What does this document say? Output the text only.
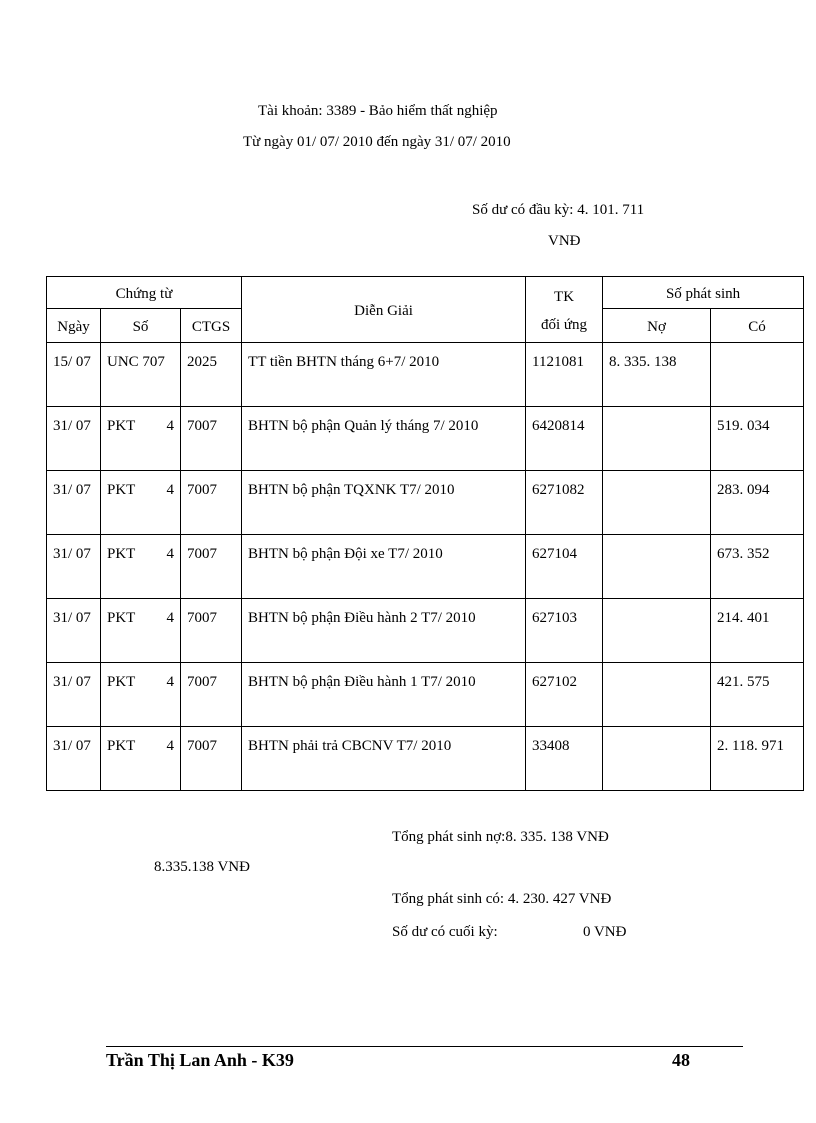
Tài khoản: 3389 - Bảo hiểm thất nghiệp
Từ ngày 01/ 07/ 2010 đến ngày 31/ 07/ 2010
Số dư có đầu kỳ: 4. 101. 711
VNĐ
Chứng từ			Diễn Giải	TK
đối ứng	Số phát sinh	
Ngày	Số	CTGS			Nợ	Có
15/ 07	UNC 707	2025	TT tiền BHTN tháng 6+7/ 2010	1121081	8. 335. 138	
31/ 07	PKT 4	7007	BHTN bộ phận Quản lý tháng 7/ 2010	6420814		519. 034
31/ 07	PKT 4	7007	BHTN bộ phận TQXNK T7/ 2010	6271082		283. 094
31/ 07	PKT 4	7007	BHTN bộ phận Đội xe T7/ 2010	627104		673. 352
31/ 07	PKT 4	7007	BHTN bộ phận Điều hành 2 T7/ 2010	627103		214. 401
31/ 07	PKT 4	7007	BHTN bộ phận Điều hành 1 T7/ 2010	627102		421. 575
31/ 07	PKT 4	7007	BHTN phải trả CBCNV T7/ 2010	33408		2. 118. 971
Tổng phát sinh nợ:8. 335. 138 VNĐ
8.335.138 VNĐ
Tổng phát sinh có: 4. 230. 427 VNĐ
Số dư có cuối kỳ:	0 VNĐ
Trần Thị Lan Anh - K39	48
